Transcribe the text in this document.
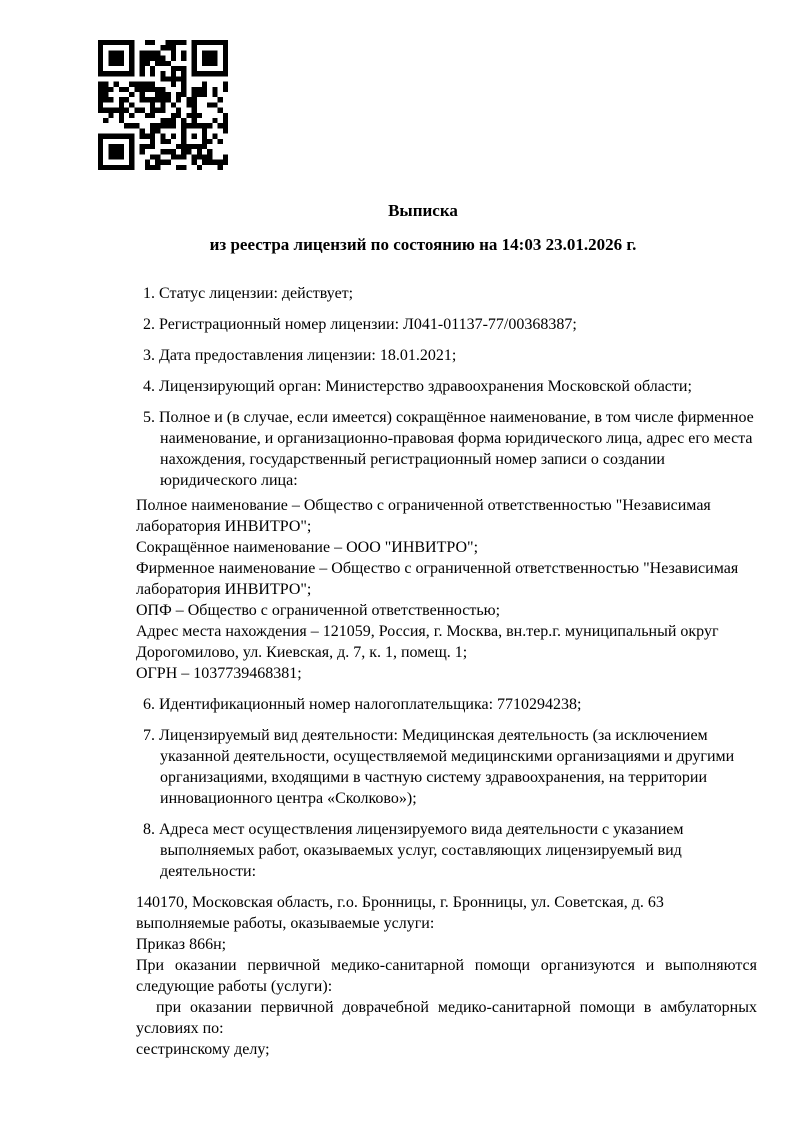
Выписка
из реестра лицензий по состоянию на 14:03 23.01.2026 г.

1. Статус лицензии: действует;

2. Регистрационный номер лицензии: Л041-01137-77/00368387;

3. Дата предоставления лицензии: 18.01.2021;

4. Лицензирующий орган: Министерство здравоохранения Московской области;

5. Полное и (в случае, если имеется) сокращённое наименование, в том числе фирменное наименование, и организационно-правовая форма юридического лица, адрес его места нахождения, государственный регистрационный номер записи о создании юридического лица:

Полное наименование – Общество с ограниченной ответственностью "Независимая лаборатория ИНВИТРО";
Сокращённое наименование – ООО "ИНВИТРО";
Фирменное наименование – Общество с ограниченной ответственностью "Независимая лаборатория ИНВИТРО";
ОПФ – Общество с ограниченной ответственностью;
Адрес места нахождения – 121059, Россия, г. Москва, вн.тер.г. муниципальный округ Дорогомилово, ул. Киевская, д. 7, к. 1, помещ. 1;
ОГРН – 1037739468381;

6. Идентификационный номер налогоплательщика: 7710294238;

7. Лицензируемый вид деятельности: Медицинская деятельность (за исключением указанной деятельности, осуществляемой медицинскими организациями и другими организациями, входящими в частную систему здравоохранения, на территории инновационного центра «Сколково»);

8. Адреса мест осуществления лицензируемого вида деятельности с указанием выполняемых работ, оказываемых услуг, составляющих лицензируемый вид деятельности:

140170, Московская область, г.о. Бронницы, г. Бронницы, ул. Советская, д. 63

выполняемые работы, оказываемые услуги:

Приказ 866н;

При оказании первичной медико-санитарной помощи организуются и выполняются следующие работы (услуги):

при оказании первичной доврачебной медико-санитарной помощи в амбулаторных условиях по:

сестринскому делу;
